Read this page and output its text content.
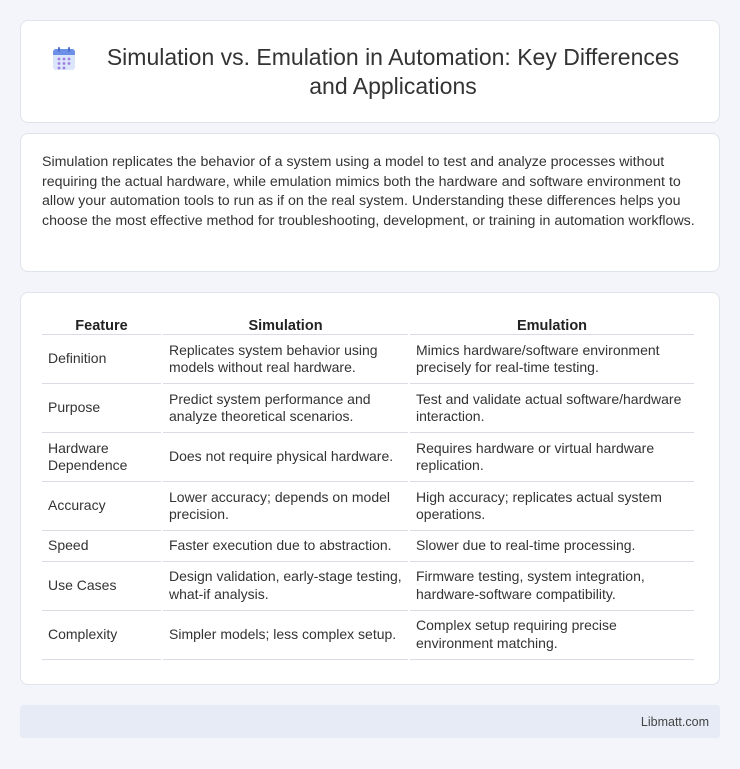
Simulation vs. Emulation in Automation: Key Differences and Applications

Simulation replicates the behavior of a system using a model to test and analyze processes without requiring the actual hardware, while emulation mimics both the hardware and software environment to allow your automation tools to run as if on the real system. Understanding these differences helps you choose the most effective method for troubleshooting, development, or training in automation workflows.

Feature	Simulation	Emulation
Definition	Replicates system behavior using models without real hardware.	Mimics hardware/software environment precisely for real-time testing.
Purpose	Predict system performance and analyze theoretical scenarios.	Test and validate actual software/hardware interaction.
Hardware Dependence	Does not require physical hardware.	Requires hardware or virtual hardware replication.
Accuracy	Lower accuracy; depends on model precision.	High accuracy; replicates actual system operations.
Speed	Faster execution due to abstraction.	Slower due to real-time processing.
Use Cases	Design validation, early-stage testing, what-if analysis.	Firmware testing, system integration, hardware-software compatibility.
Complexity	Simpler models; less complex setup.	Complex setup requiring precise environment matching.
Libmatt.com
